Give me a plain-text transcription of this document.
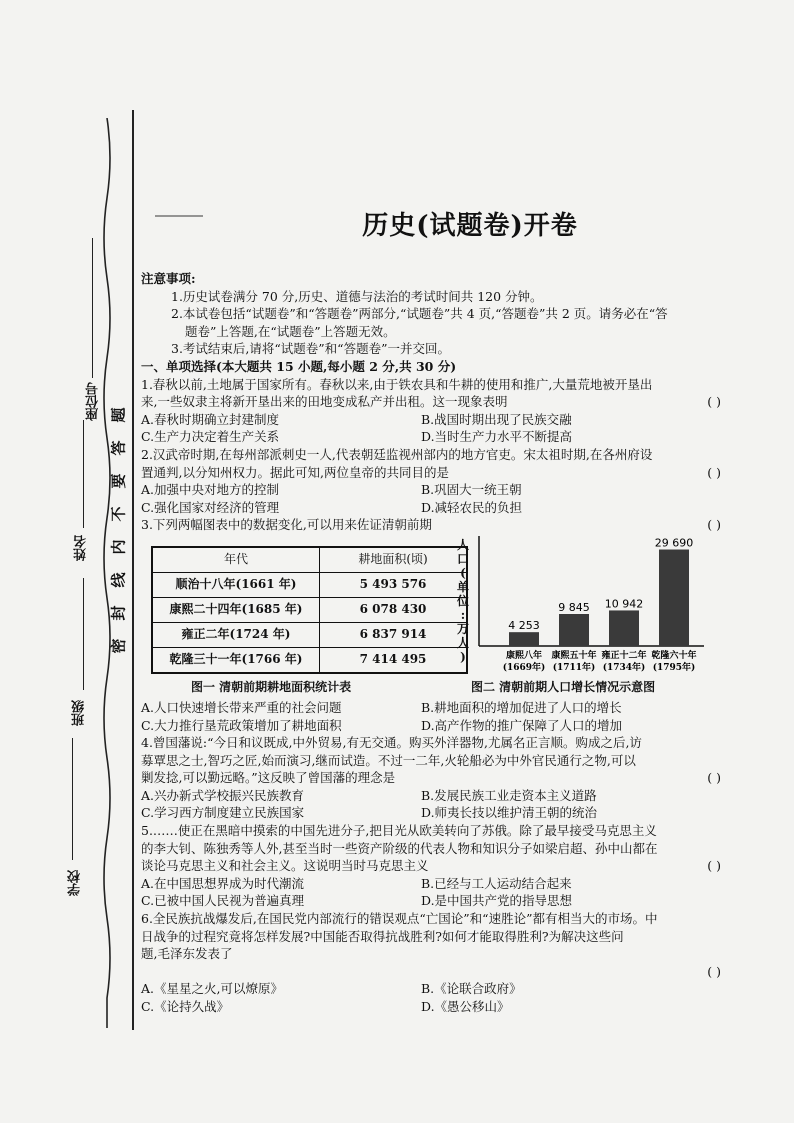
座位号
姓名
班级
学校
题
答
要
不
内
线
封
密
历史(试题卷)开卷

注意事项:

1.历史试卷满分 70 分,历史、道德与法治的考试时间共 120 分钟。

2.本试卷包括“试题卷”和“答题卷”两部分,“试题卷”共 4 页,“答题卷”共 2 页。请务必在“答

题卷”上答题,在“试题卷”上答题无效。

3.考试结束后,请将“试题卷”和“答题卷”一并交回。

一、单项选择(本大题共 15 小题,每小题 2 分,共 30 分)

1.春秋以前,土地属于国家所有。春秋以来,由于铁农具和牛耕的使用和推广,大量荒地被开垦出

来,一些奴隶主将新开垦出来的田地变成私产并出租。这一现象表明	( )

A.春秋时期确立封建制度	B.战国时期出现了民族交融
C.生产力决定着生产关系	D.当时生产力水平不断提高

2.汉武帝时期,在每州部派刺史一人,代表朝廷监视州部内的地方官吏。宋太祖时期,在各州府设

置通判,以分知州权力。据此可知,两位皇帝的共同目的是	( )

A.加强中央对地方的控制	B.巩固大一统王朝
C.强化国家对经济的管理	D.减轻农民的负担

3.下列两幅图表中的数据变化,可以用来佐证清朝前期	( )

年代	耕地面积(顷)
顺治十八年(1661 年)	5 493 576
康熙二十四年(1685 年)	6 078 430
雍正二年(1724 年)	6 837 914
乾隆三十一年(1766 年)	7 414 495
图一 清朝前期耕地面积统计表
人
口
(
单
位
:
万
人
)
4 253
康熙八年
(1669年)
9 845
康熙五十年
(1711年)
10 942
雍正十二年
(1734年)
29 690
乾隆六十年
(1795年)
图二 清朝前期人口增长情况示意图
A.人口快速增长带来严重的社会问题	B.耕地面积的增加促进了人口的增长
C.大力推行垦荒政策增加了耕地面积	D.高产作物的推广保障了人口的增加

4.曾国藩说:“今日和议既成,中外贸易,有无交通。购买外洋器物,尤属名正言顺。购成之后,访

募覃思之士,智巧之匠,始而演习,继而试造。不过一二年,火轮船必为中外官民通行之物,可以

剿发捻,可以勤远略。”这反映了曾国藩的理念是	( )

A.兴办新式学校振兴民族教育	B.发展民族工业走资本主义道路
C.学习西方制度建立民族国家	D.师夷长技以维护清王朝的统治

5.……使正在黑暗中摸索的中国先进分子,把目光从欧美转向了苏俄。除了最早接受马克思主义

的李大钊、陈独秀等人外,甚至当时一些资产阶级的代表人物和知识分子如梁启超、孙中山都在

谈论马克思主义和社会主义。这说明当时马克思主义	( )

A.在中国思想界成为时代潮流	B.已经与工人运动结合起来
C.已被中国人民视为普遍真理	D.是中国共产党的指导思想

6.全民族抗战爆发后,在国民党内部流行的错误观点“亡国论”和“速胜论”都有相当大的市场。中

日战争的过程究竟将怎样发展?中国能否取得抗战胜利?如何才能取得胜利?为解决这些问

题,毛泽东发表了

( )

A.《星星之火,可以燎原》	B.《论联合政府》
C.《论持久战》	D.《愚公移山》
